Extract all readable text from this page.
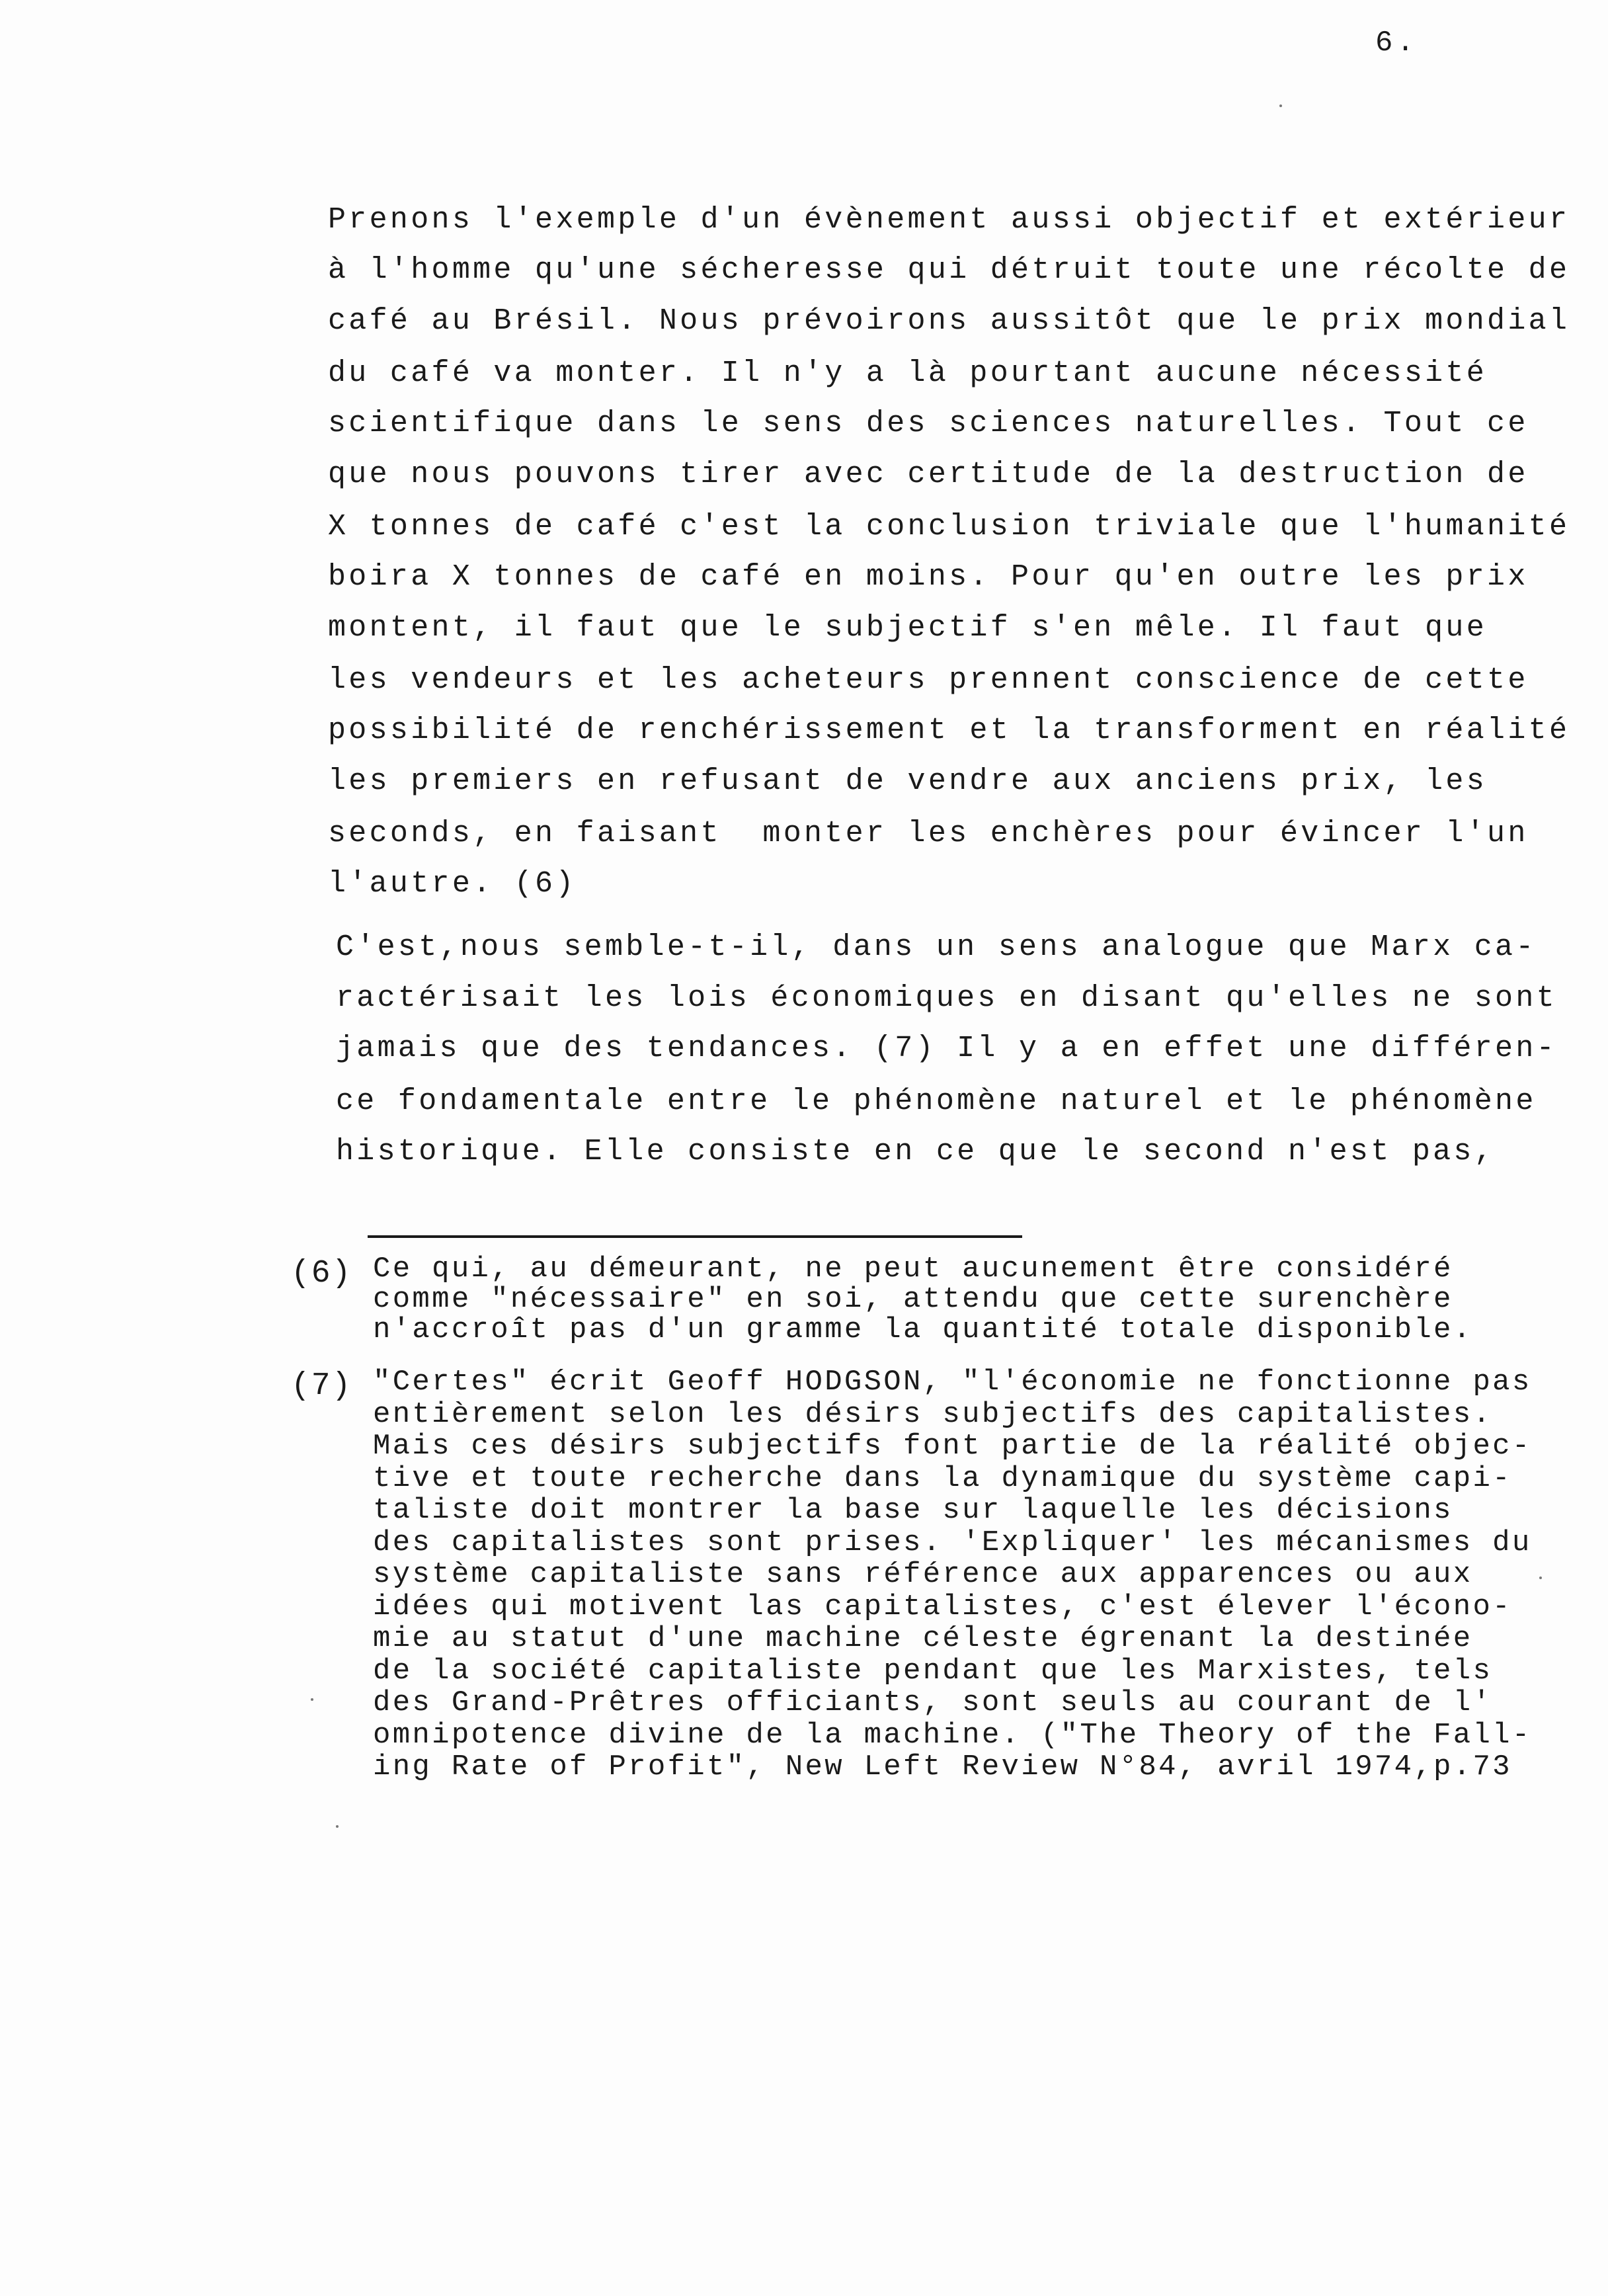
6.
Prenons l'exemple d'un évènement aussi objectif et extérieur
à l'homme qu'une sécheresse qui détruit toute une récolte de
café au Brésil. Nous prévoirons aussitôt que le prix mondial
du café va monter. Il n'y a là pourtant aucune nécessité
scientifique dans le sens des sciences naturelles. Tout ce
que nous pouvons tirer avec certitude de la destruction de
X tonnes de café c'est la conclusion triviale que l'humanité
boira X tonnes de café en moins. Pour qu'en outre les prix
montent, il faut que le subjectif s'en mêle. Il faut que
les vendeurs et les acheteurs prennent conscience de cette
possibilité de renchérissement et la transforment en réalité
les premiers en refusant de vendre aux anciens prix, les
seconds, en faisant  monter les enchères pour évincer l'un
l'autre. (6)
C'est,nous semble-t-il, dans un sens analogue que Marx ca-
ractérisait les lois économiques en disant qu'elles ne sont
jamais que des tendances. (7) Il y a en effet une différen-
ce fondamentale entre le phénomène naturel et le phénomène
historique. Elle consiste en ce que le second n'est pas,
(6) Ce qui, au démeurant, ne peut aucunement être considéré
comme "nécessaire" en soi, attendu que cette surenchère
n'accroît pas d'un gramme la quantité totale disponible.
(7) "Certes" écrit Geoff HODGSON, "l'économie ne fonctionne pas
entièrement selon les désirs subjectifs des capitalistes.
Mais ces désirs subjectifs font partie de la réalité objec-
tive et toute recherche dans la dynamique du système capi-
taliste doit montrer la base sur laquelle les décisions
des capitalistes sont prises. 'Expliquer' les mécanismes du
système capitaliste sans référence aux apparences ou aux
idées qui motivent las capitalistes, c'est élever l'écono-
mie au statut d'une machine céleste égrenant la destinée
de la société capitaliste pendant que les Marxistes, tels
des Grand-Prêtres officiants, sont seuls au courant de l'
omnipotence divine de la machine. ("The Theory of the Fall-
ing Rate of Profit", New Left Review N°84, avril 1974,p.73
